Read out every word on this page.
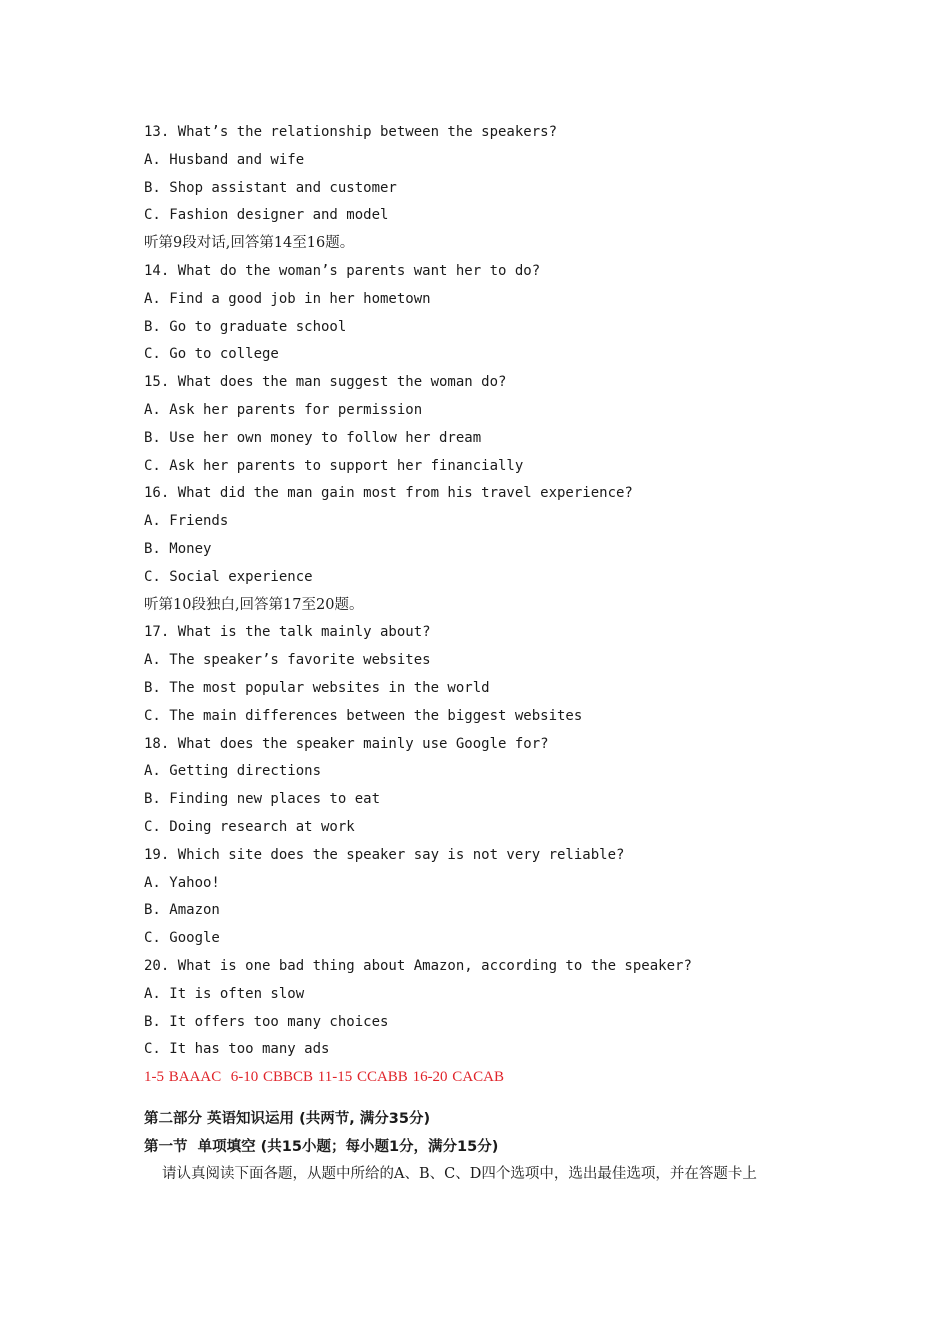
13. What’s the relationship between the speakers?
A. Husband and wife
B. Shop assistant and customer
C. Fashion designer and model
听第9段对话,回答第14至16题。
14. What do the woman’s parents want her to do?
A. Find a good job in her hometown
B. Go to graduate school
C. Go to college
15. What does the man suggest the woman do?
A. Ask her parents for permission
B. Use her own money to follow her dream
C. Ask her parents to support her financially
16. What did the man gain most from his travel experience?
A. Friends
B. Money
C. Social experience
听第10段独白,回答第17至20题。
17. What is the talk mainly about?
A. The speaker’s favorite websites
B. The most popular websites in the world
C. The main differences between the biggest websites
18. What does the speaker mainly use Google for?
A. Getting directions
B. Finding new places to eat
C. Doing research at work
19. Which site does the speaker say is not very reliable?
A. Yahoo!
B. Amazon
C. Google
20. What is one bad thing about Amazon, according to the speaker?
A. It is often slow
B. It offers too many choices
C. It has too many ads
1-5 BAAAC  6-10 CBBCB 11-15 CCABB 16-20 CACAB
第二部分 英语知识运用 (共两节, 满分35分)
第一节  单项填空 (共15小题；每小题1分，满分15分)
请认真阅读下面各题，从题中所给的A、B、C、D四个选项中，选出最佳选项，并在答题卡上
